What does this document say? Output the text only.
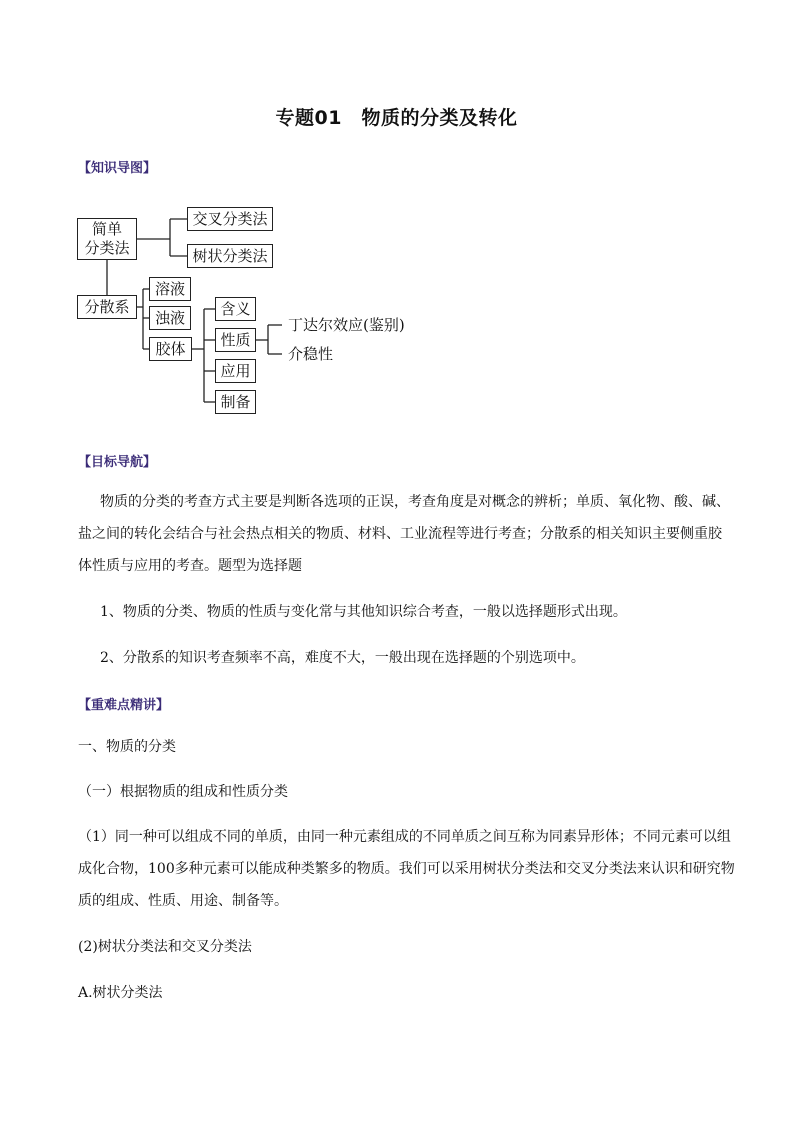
专题01　物质的分类及转化
【知识导图】
简单
分类法
交叉分类法
树状分类法
分散系
溶液
浊液
胶体
含义
性质
应用
制备
丁达尔效应(鉴别)
介稳性
【目标导航】
物质的分类的考查方式主要是判断各选项的正误，考查角度是对概念的辨析；单质、氧化物、酸、碱、
盐之间的转化会结合与社会热点相关的物质、材料、工业流程等进行考查；分散系的相关知识主要侧重胶
体性质与应用的考查。题型为选择题
1、物质的分类、物质的性质与变化常与其他知识综合考查，一般以选择题形式出现。
2、分散系的知识考查频率不高，难度不大，一般出现在选择题的个别选项中。
【重难点精讲】
一、物质的分类
（一）根据物质的组成和性质分类
（1）同一种可以组成不同的单质，由同一种元素组成的不同单质之间互称为同素异形体；不同元素可以组
成化合物，100多种元素可以能成种类繁多的物质。我们可以采用树状分类法和交叉分类法来认识和研究物
质的组成、性质、用途、制备等。
(2)树状分类法和交叉分类法
A.树状分类法
